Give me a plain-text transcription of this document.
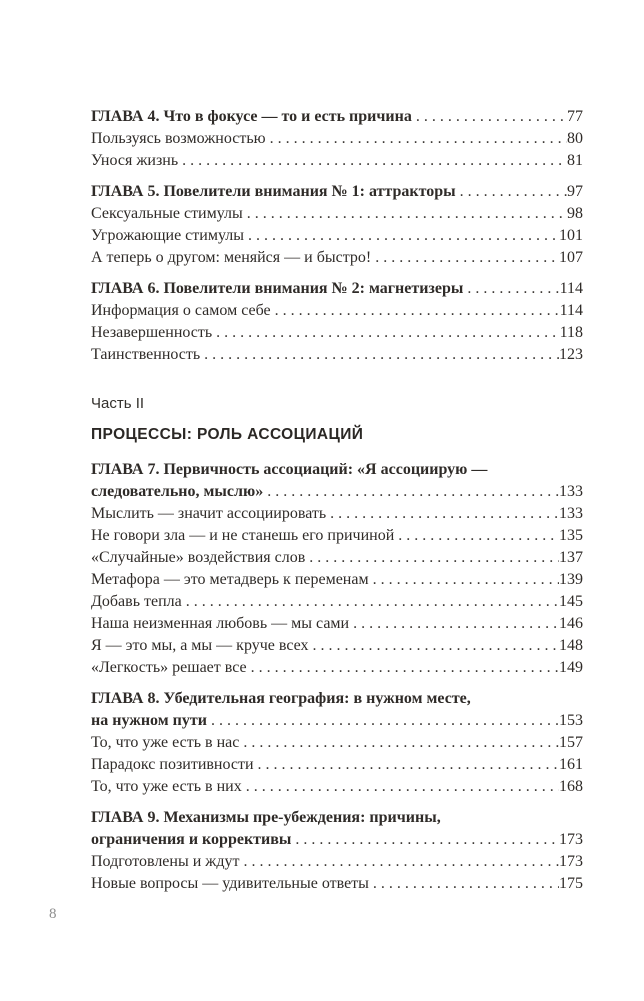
ГЛАВА 4. Что в фокусе — то и есть причина . . .	77
Пользуясь возможностью . . .	80
Унося жизнь . . .	81
ГЛАВА 5. Повелители внимания № 1: аттракторы . . .	97
Сексуальные стимулы . . .	98
Угрожающие стимулы . . .	101
А теперь о другом: меняйся — и быстро! . . .	107
ГЛАВА 6. Повелители внимания № 2: магнетизеры . . .	114
Информация о самом себе . . .	114
Незавершенность . . .	118
Таинственность . . .	123
Часть II
ПРОЦЕССЫ: РОЛЬ АССОЦИАЦИЙ
ГЛАВА 7. Первичность ассоциаций: «Я ассоциирую —
следовательно, мыслю» . . .	133
Мыслить — значит ассоциировать . . .	133
Не говори зла — и не станешь его причиной . . .	135
«Случайные» воздействия слов . . .	137
Метафора — это метадверь к переменам . . .	139
Добавь тепла . . .	145
Наша неизменная любовь — мы сами . . .	146
Я — это мы, а мы — круче всех . . .	148
«Легкость» решает все . . .	149
ГЛАВА 8. Убедительная география: в нужном месте,
на нужном пути . . .	153
То, что уже есть в нас . . .	157
Парадокс позитивности . . .	161
То, что уже есть в них . . .	168
ГЛАВА 9. Механизмы пре-убеждения: причины,
ограничения и коррективы . . .	173
Подготовлены и ждут . . .	173
Новые вопросы — удивительные ответы . . .	175
8
